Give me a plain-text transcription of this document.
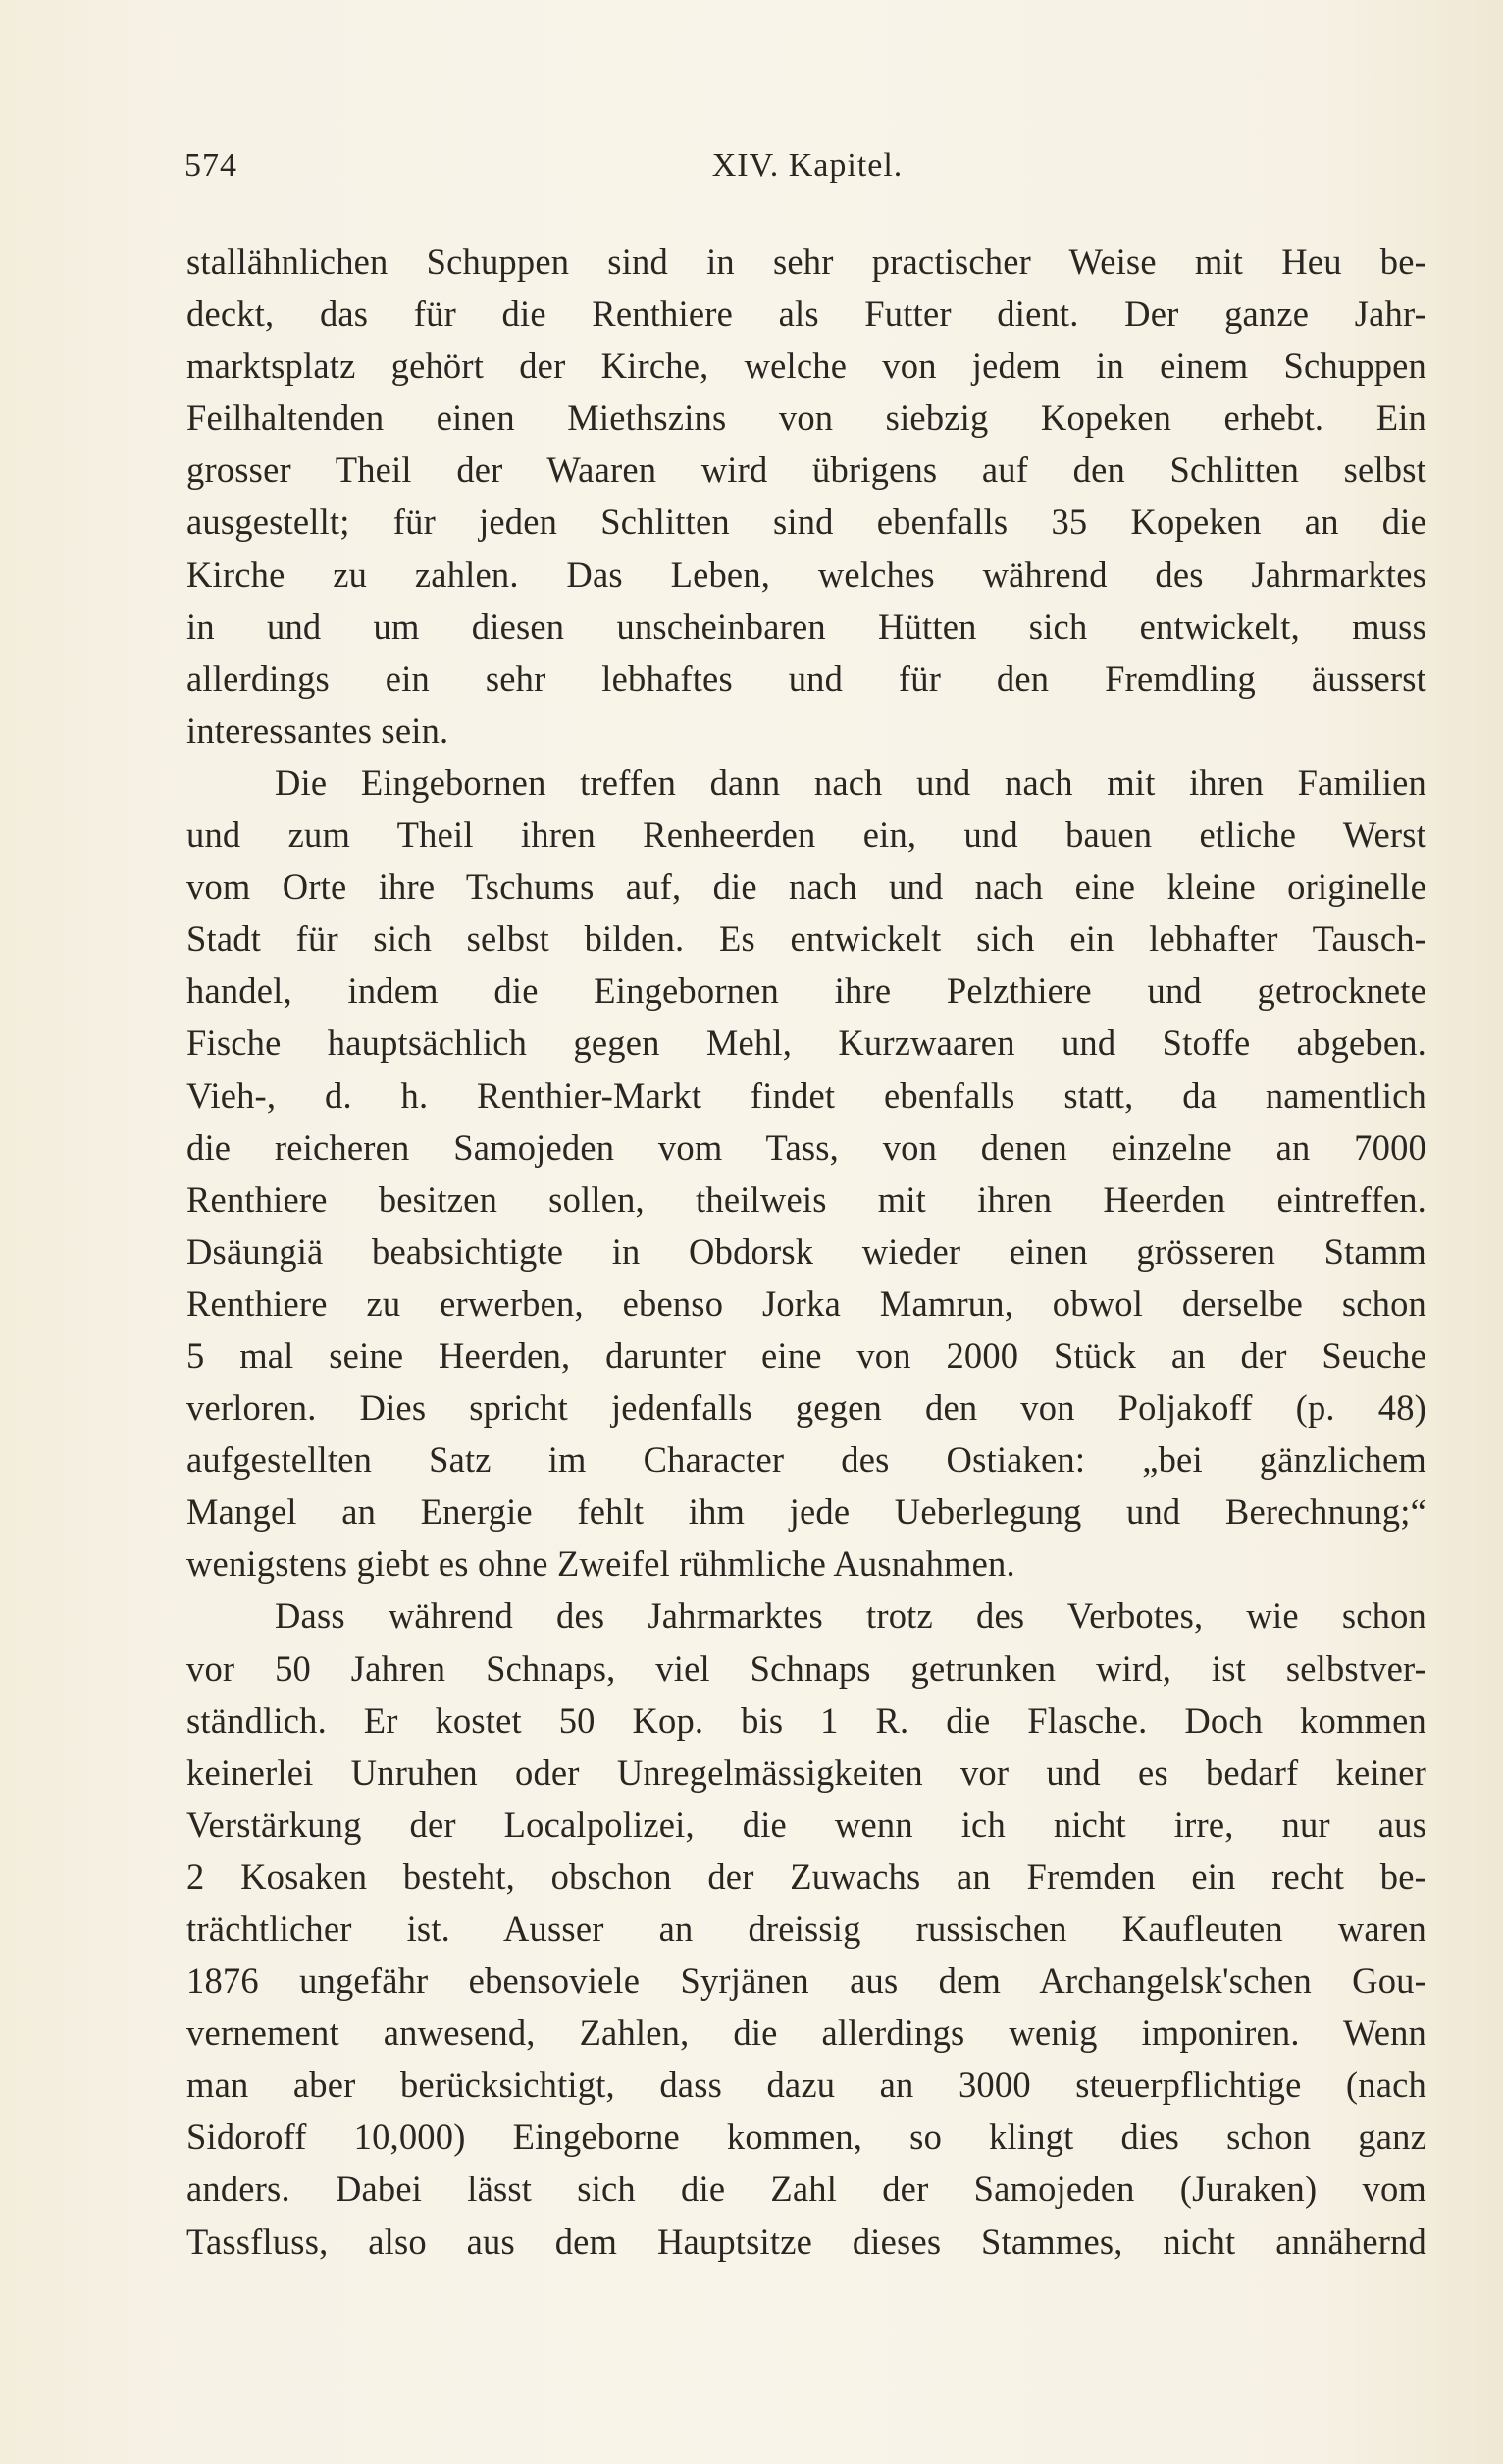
574	XIV. Kapitel.
stallähnlichen Schuppen sind in sehr practischer Weise mit Heu be-
deckt, das für die Renthiere als Futter dient. Der ganze Jahr-
marktsplatz gehört der Kirche, welche von jedem in einem Schuppen
Feilhaltenden einen Miethszins von siebzig Kopeken erhebt. Ein
grosser Theil der Waaren wird übrigens auf den Schlitten selbst
ausgestellt; für jeden Schlitten sind ebenfalls 35 Kopeken an die
Kirche zu zahlen. Das Leben, welches während des Jahrmarktes
in und um diesen unscheinbaren Hütten sich entwickelt, muss
allerdings ein sehr lebhaftes und für den Fremdling äusserst
interessantes sein.
Die Eingebornen treffen dann nach und nach mit ihren Familien
und zum Theil ihren Renheerden ein, und bauen etliche Werst
vom Orte ihre Tschums auf, die nach und nach eine kleine originelle
Stadt für sich selbst bilden. Es entwickelt sich ein lebhafter Tausch-
handel, indem die Eingebornen ihre Pelzthiere und getrocknete
Fische hauptsächlich gegen Mehl, Kurzwaaren und Stoffe abgeben.
Vieh-, d. h. Renthier-Markt findet ebenfalls statt, da namentlich
die reicheren Samojeden vom Tass, von denen einzelne an 7000
Renthiere besitzen sollen, theilweis mit ihren Heerden eintreffen.
Dsäungiä beabsichtigte in Obdorsk wieder einen grösseren Stamm
Renthiere zu erwerben, ebenso Jorka Mamrun, obwol derselbe schon
5 mal seine Heerden, darunter eine von 2000 Stück an der Seuche
verloren. Dies spricht jedenfalls gegen den von Poljakoff (p. 48)
aufgestellten Satz im Character des Ostiaken: „bei gänzlichem
Mangel an Energie fehlt ihm jede Ueberlegung und Berechnung;“
wenigstens giebt es ohne Zweifel rühmliche Ausnahmen.
Dass während des Jahrmarktes trotz des Verbotes, wie schon
vor 50 Jahren Schnaps, viel Schnaps getrunken wird, ist selbstver-
ständlich. Er kostet 50 Kop. bis 1 R. die Flasche. Doch kommen
keinerlei Unruhen oder Unregelmässigkeiten vor und es bedarf keiner
Verstärkung der Localpolizei, die wenn ich nicht irre, nur aus
2 Kosaken besteht, obschon der Zuwachs an Fremden ein recht be-
trächtlicher ist. Ausser an dreissig russischen Kaufleuten waren
1876 ungefähr ebensoviele Syrjänen aus dem Archangelsk'schen Gou-
vernement anwesend, Zahlen, die allerdings wenig imponiren. Wenn
man aber berücksichtigt, dass dazu an 3000 steuerpflichtige (nach
Sidoroff 10,000) Eingeborne kommen, so klingt dies schon ganz
anders. Dabei lässt sich die Zahl der Samojeden (Juraken) vom
Tassfluss, also aus dem Hauptsitze dieses Stammes, nicht annähernd
